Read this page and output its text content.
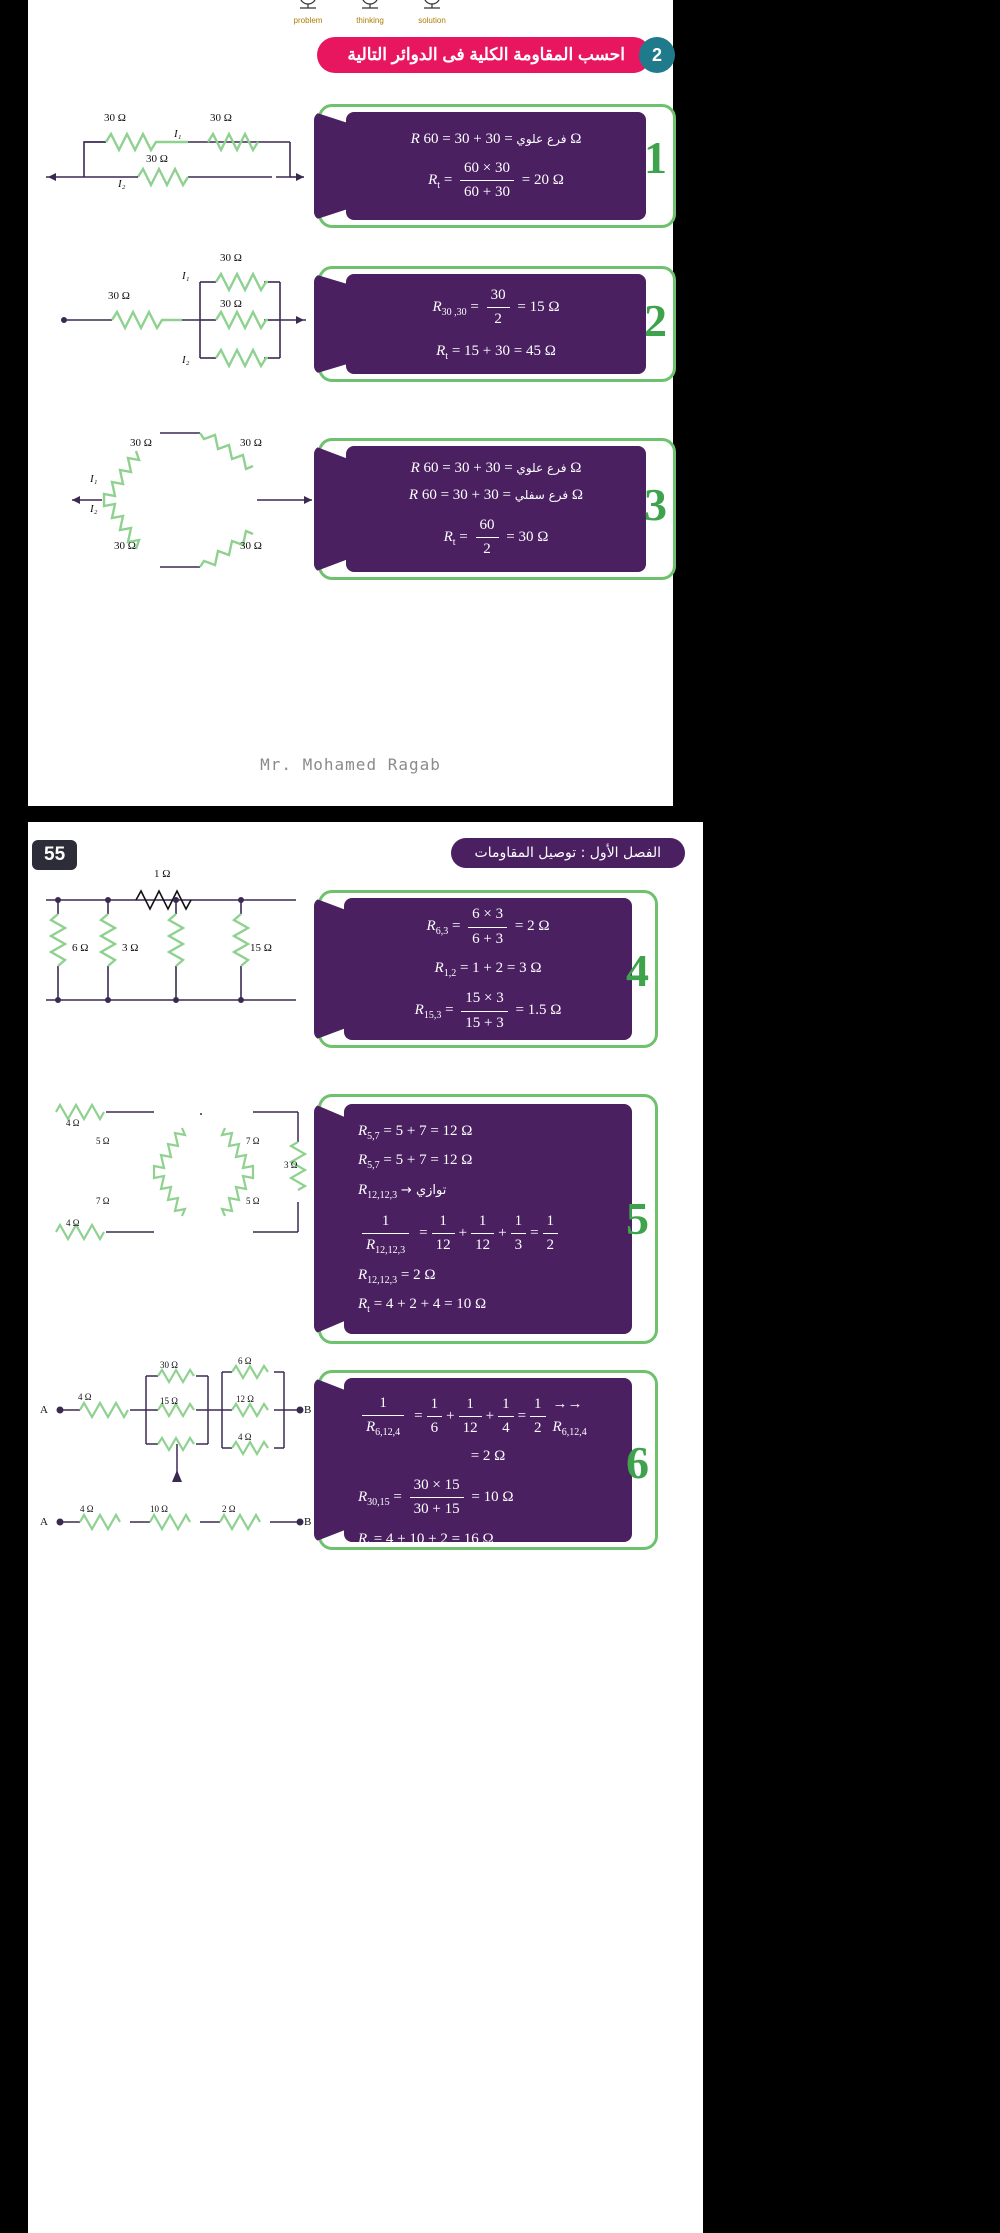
problem	thinking	solution
احسب المقاومة الكلية فى الدوائر التالية	2
30 Ω	30 Ω
30 Ω
I₁
I₂
R	فرع علوي = 30 + 30 = 60 Ω
$R_t = \frac{60 \times 30}{60 + 30} = 20$ Ω	1
30 Ω
30 Ω
30 Ω
I₁
I₂
$R_{30 ,30} = \frac{30}{2} = 15$ Ω
$R_t = 15 + 30 = 45$ Ω
2
30 Ω	30 Ω
30 Ω	30 Ω
I₁
I₂
R	فرع علوي = 30 + 30 = 60 Ω
R	فرع سفلي = 30 + 30 = 60 Ω
$R_t = \frac{60}{2} = 30$ Ω
3
Mr. Mohamed Ragab
55	الفصل الأول : توصيل المقاومات
1 Ω
6 Ω	3 Ω	15 Ω
$R_{6,3} = \frac{6 \times 3}{6 + 3} = 2$ Ω
$R_{1,2} = 1 + 2 = 3$ Ω
$R_{15,3} = \frac{15 \times 3}{15 + 3} = 1.5$ Ω
4
4 Ω
5 Ω	7 Ω
3 Ω
4 Ω
7 Ω	5 Ω
$R_{5,7} = 5 + 7 = 12$ Ω
$R_{5,7} = 5 + 7 = 12$ Ω
$R_{12,12,3}$ → توازي
$\frac{1}{R_{12,12,3}} = \frac{1}{12} + \frac{1}{12} + \frac{1}{3} = \frac{1}{2}$
$R_{12,12,3} = 2$ Ω
$R_t = 4 + 2 + 4 = 10$ Ω
5
4 Ω
30 Ω
15 Ω
6 Ω
12 Ω
4 Ω
4 Ω	10 Ω	2 Ω
A	B
A	B
$\frac{1}{R_{6,12,4}} = \frac{1}{6} + \frac{1}{12} + \frac{1}{4} = \frac{1}{2} \to\to R_{6,12,4}$
= 2 Ω
$R_{30,15} = \frac{30 \times 15}{30 + 15} = 10$ Ω
$R_t = 4 + 10 + 2 = 16$ Ω
6
